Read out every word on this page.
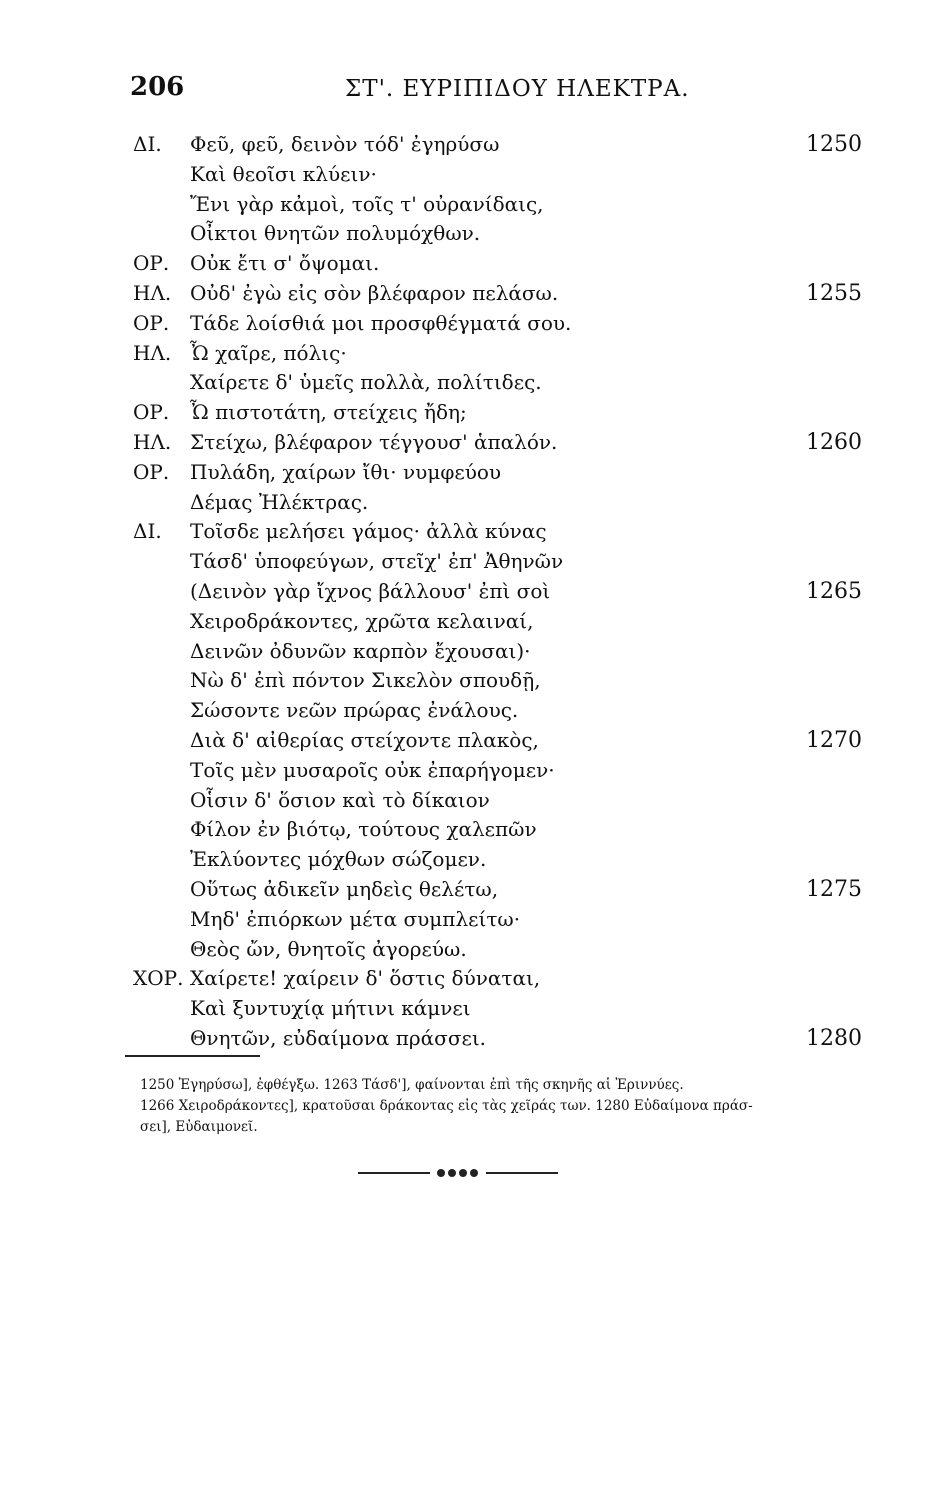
206	ΣΤ'. ΕΥΡΙΠΙΔΟΥ ΗΛΕΚΤΡΑ.
ΔΙ. Φεῦ, φεῦ, δεινὸν τόδ' ἐγηρύσω	1250
Καὶ θεοῖσι κλύειν·
Ἔνι γὰρ κἀμοὶ, τοῖς τ' οὐρανίδαις,
Οἶκτοι θνητῶν πολυμόχθων.
ΟΡ. Οὐκ ἔτι σ' ὄψομαι.
ΗΛ. Οὐδ' ἐγὼ εἰς σὸν βλέφαρον πελάσω.	1255
ΟΡ. Τάδε λοίσθιά μοι προσφθέγματά σου.
ΗΛ. Ὦ χαῖρε, πόλις·
Χαίρετε δ' ὑμεῖς πολλὰ, πολίτιδες.
ΟΡ. Ὦ πιστοτάτη, στείχεις ἤδη;
ΗΛ. Στείχω, βλέφαρον τέγγουσ' ἁπαλόν.	1260
ΟΡ. Πυλάδη, χαίρων ἴθι· νυμφεύου
Δέμας Ἠλέκτρας.
ΔΙ. Τοῖσδε μελήσει γάμος· ἀλλὰ κύνας
Τάσδ' ὑποφεύγων, στεῖχ' ἐπ' Ἀθηνῶν
(Δεινὸν γὰρ ἴχνος βάλλουσ' ἐπὶ σοὶ	1265
Χειροδράκοντες, χρῶτα κελαιναί,
Δεινῶν ὀδυνῶν καρπὸν ἔχουσαι)·
Νὼ δ' ἐπὶ πόντον Σικελὸν σπουδῇ,
Σώσοντε νεῶν πρώρας ἐνάλους.
Διὰ δ' αἰθερίας στείχοντε πλακὸς,	1270
Τοῖς μὲν μυσαροῖς οὐκ ἐπαρήγομεν·
Οἷσιν δ' ὅσιον καὶ τὸ δίκαιον
Φίλον ἐν βιότῳ, τούτους χαλεπῶν
Ἐκλύοντες μόχθων σώζομεν.
Οὕτως ἀδικεῖν μηδεὶς θελέτω,	1275
Μηδ' ἐπιόρκων μέτα συμπλείτω·
Θεὸς ὤν, θνητοῖς ἀγορεύω.
ΧΟΡ. Χαίρετε! χαίρειν δ' ὅστις δύναται,
Καὶ ξυντυχίᾳ μήτινι κάμνει
Θνητῶν, εὐδαίμονα πράσσει.	1280

1250 Ἐγηρύσω], ἐφθέγξω. 1263 Τάσδ'], φαίνονται ἐπὶ τῆς σκηνῆς αἱ Ἐριννύες.

1266 Χειροδράκοντες], κρατοῦσαι δράκοντας εἰς τὰς χεῖράς των. 1280 Εὐδαίμονα πράσ-

σει], Εὐδαιμονεῖ.
